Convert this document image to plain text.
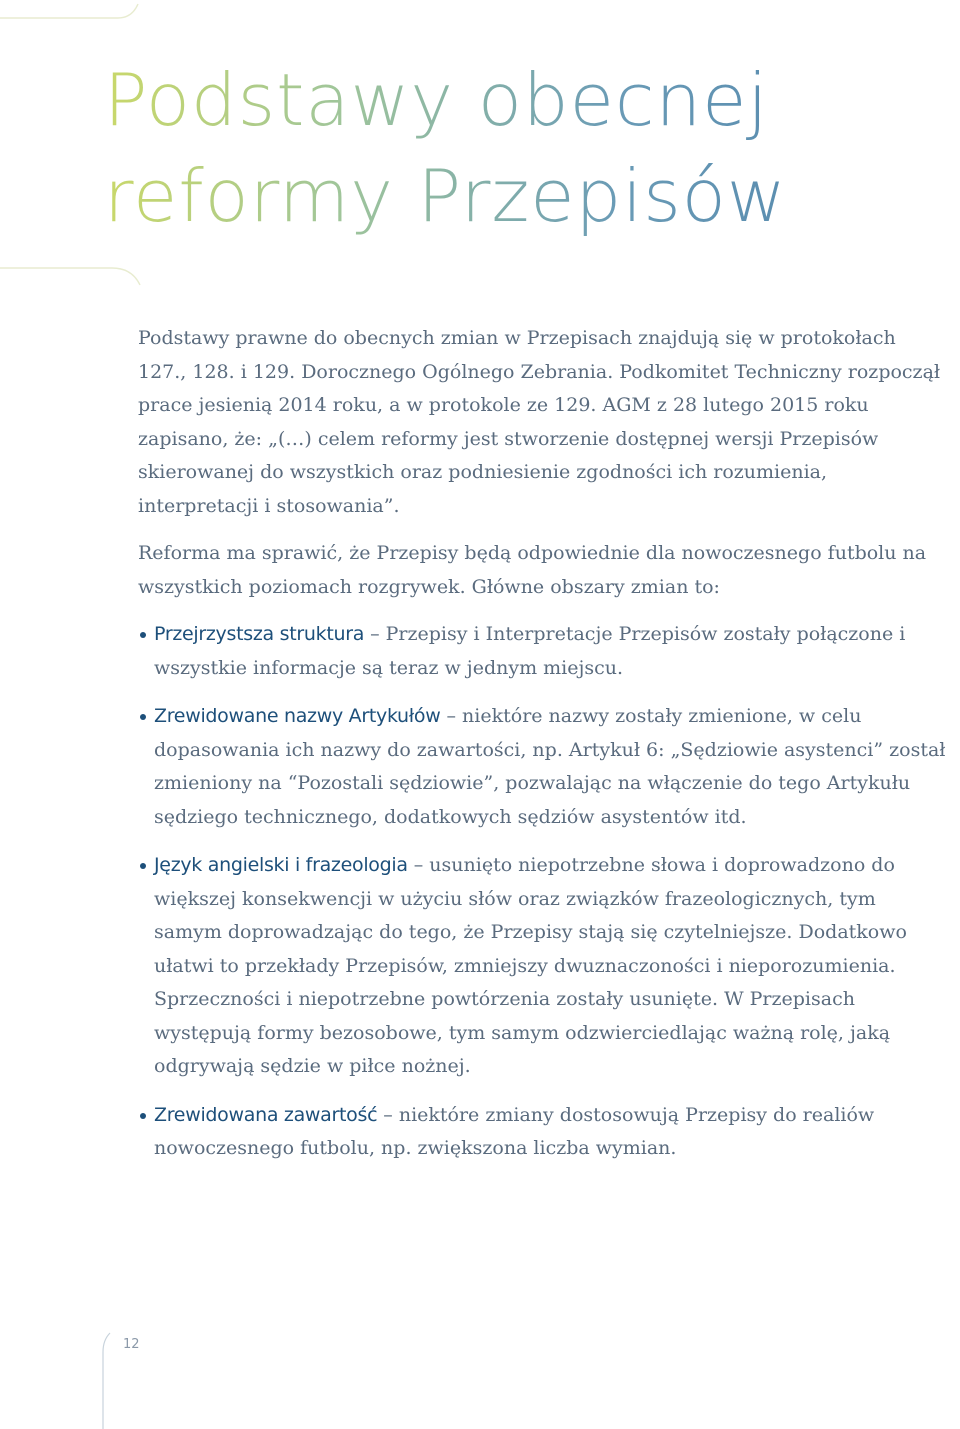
Podstawy obecnej
reformy Przepisów

Podstawy prawne do obecnych zmian w Przepisach znajdują się w protokołach 127., 128. i 129. Dorocznego Ogólnego Zebrania. Podkomitet Techniczny rozpoczął prace jesienią 2014 roku, a w protokole ze 129. AGM z 28 lutego 2015 roku zapisano, że: „(…) celem reformy jest stworzenie dostępnej wersji Przepisów skierowanej do wszystkich oraz podniesienie zgodności ich rozumienia, interpretacji i stosowania”.

Reforma ma sprawić, że Przepisy będą odpowiednie dla nowoczesnego futbolu na wszystkich poziomach rozgrywek. Główne obszary zmian to:

Przejrzystsza struktura – Przepisy i Interpretacje Przepisów zostały połączone i wszystkie informacje są teraz w jednym miejscu.
Zrewidowane nazwy Artykułów – niektóre nazwy zostały zmienione, w celu dopasowania ich nazwy do zawartości, np. Artykuł 6: „Sędziowie asystenci” został zmieniony na “Pozostali sędziowie”, pozwalając na włączenie do tego Artykułu sędziego technicznego, dodatkowych sędziów asystentów itd.
Język angielski i frazeologia – usunięto niepotrzebne słowa i doprowadzono do większej konsekwencji w użyciu słów oraz związków frazeologicznych, tym samym doprowadzając do tego, że Przepisy stają się czytelniejsze. Dodatkowo ułatwi to przekłady Przepisów, zmniejszy dwuznaczoności i nieporozumienia. Sprzeczności i niepotrzebne powtórzenia zostały usunięte. W Przepisach występują formy bezosobowe, tym samym odzwierciedlając ważną rolę, jaką odgrywają sędzie w piłce nożnej.
Zrewidowana zawartość – niektóre zmiany dostosowują Przepisy do realiów nowoczesnego futbolu, np. zwiększona liczba wymian.
12
